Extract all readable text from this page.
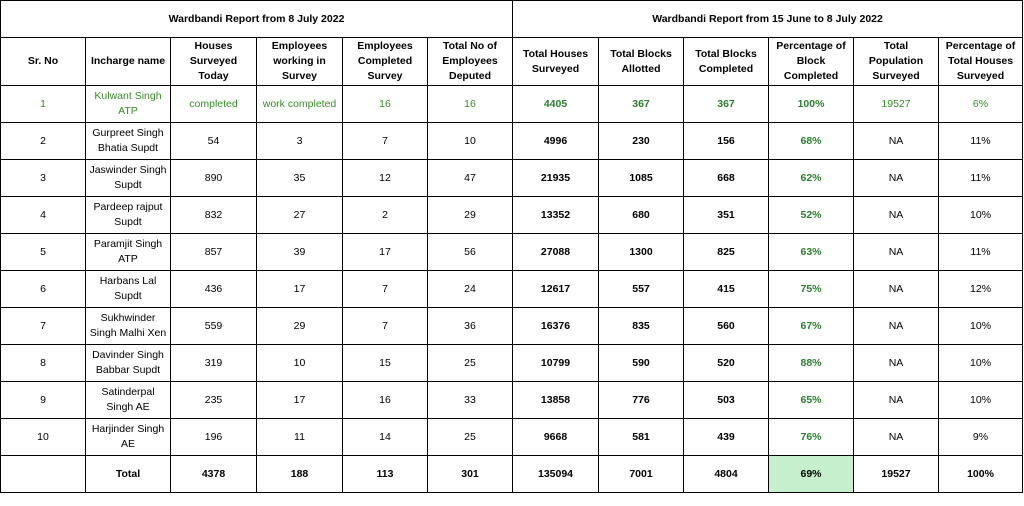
Wardbandi Report from 8 July 2022						Wardbandi Report from 15 June to 8 July 2022					
Sr. No	Incharge name	Houses Surveyed Today	Employees working in Survey	Employees Completed Survey	Total No of Employees Deputed	Total Houses Surveyed	Total Blocks Allotted	Total Blocks Completed	Percentage of Block Completed	Total Population Surveyed	Percentage of Total Houses Surveyed
1	Kulwant Singh ATP	completed	work completed	16	16	4405	367	367	100%	19527	6%
2	Gurpreet Singh Bhatia Supdt	54	3	7	10	4996	230	156	68%	NA	11%
3	Jaswinder Singh Supdt	890	35	12	47	21935	1085	668	62%	NA	11%
4	Pardeep rajput Supdt	832	27	2	29	13352	680	351	52%	NA	10%
5	Paramjit Singh ATP	857	39	17	56	27088	1300	825	63%	NA	11%
6	Harbans Lal Supdt	436	17	7	24	12617	557	415	75%	NA	12%
7	Sukhwinder Singh Malhi Xen	559	29	7	36	16376	835	560	67%	NA	10%
8	Davinder Singh Babbar Supdt	319	10	15	25	10799	590	520	88%	NA	10%
9	Satinderpal Singh AE	235	17	16	33	13858	776	503	65%	NA	10%
10	Harjinder Singh AE	196	11	14	25	9668	581	439	76%	NA	9%
	Total	4378	188	113	301	135094	7001	4804	69%	19527	100%
